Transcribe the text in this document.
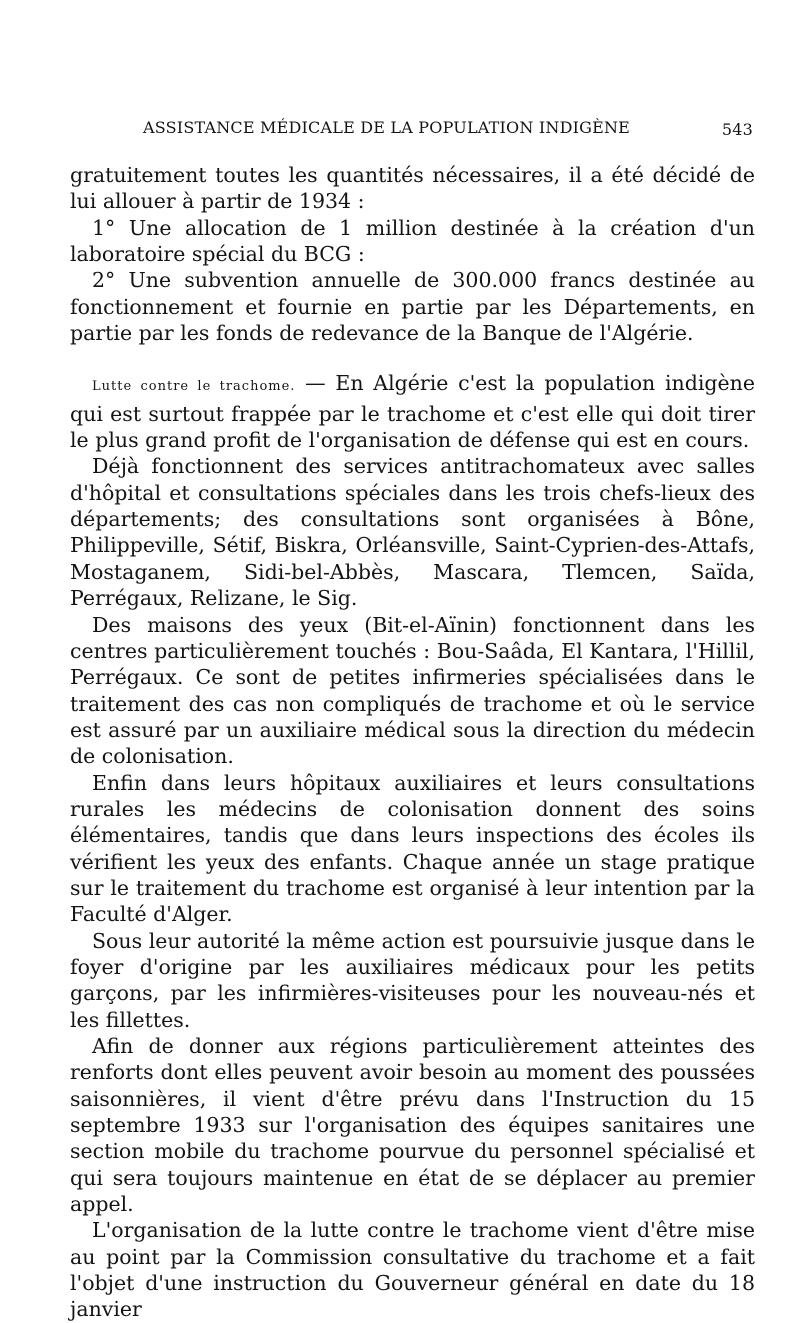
ASSISTANCE MÉDICALE DE LA POPULATION INDIGÈNE	543

gratuitement toutes les quantités nécessaires, il a été décidé de lui allouer à partir de 1934 :

1° Une allocation de 1 million destinée à la création d'un laboratoire spécial du BCG :

2° Une subvention annuelle de 300.000 francs destinée au fonctionnement et fournie en partie par les Départements, en partie par les fonds de redevance de la Banque de l'Algérie.

Lutte contre le trachome. — En Algérie c'est la population indigène qui est surtout frappée par le trachome et c'est elle qui doit tirer le plus grand profit de l'organisation de défense qui est en cours.

Déjà fonctionnent des services antitrachomateux avec salles d'hôpital et consultations spéciales dans les trois chefs-lieux des départements; des consultations sont organisées à Bône, Philippeville, Sétif, Biskra, Orléansville, Saint-Cyprien-des-Attafs, Mostaganem, Sidi-bel-Abbès, Mascara, Tlemcen, Saïda, Perrégaux, Relizane, le Sig.

Des maisons des yeux (Bit-el-Aïnin) fonctionnent dans les centres particulièrement touchés : Bou-Saâda, El Kantara, l'Hillil, Perrégaux. Ce sont de petites infirmeries spécialisées dans le traitement des cas non compliqués de trachome et où le service est assuré par un auxiliaire médical sous la direction du médecin de colonisation.

Enfin dans leurs hôpitaux auxiliaires et leurs consultations rurales les médecins de colonisation donnent des soins élémentaires, tandis que dans leurs inspections des écoles ils vérifient les yeux des enfants. Chaque année un stage pratique sur le traitement du trachome est organisé à leur intention par la Faculté d'Alger.

Sous leur autorité la même action est poursuivie jusque dans le foyer d'origine par les auxiliaires médicaux pour les petits garçons, par les infirmières-visiteuses pour les nouveau-nés et les fillettes.

Afin de donner aux régions particulièrement atteintes des renforts dont elles peuvent avoir besoin au moment des poussées saisonnières, il vient d'être prévu dans l'Instruction du 15 septembre 1933 sur l'organisation des équipes sanitaires une section mobile du trachome pourvue du personnel spécialisé et qui sera toujours maintenue en état de se déplacer au premier appel.

L'organisation de la lutte contre le trachome vient d'être mise au point par la Commission consultative du trachome et a fait l'objet d'une instruction du Gouverneur général en date du 18 janvier
